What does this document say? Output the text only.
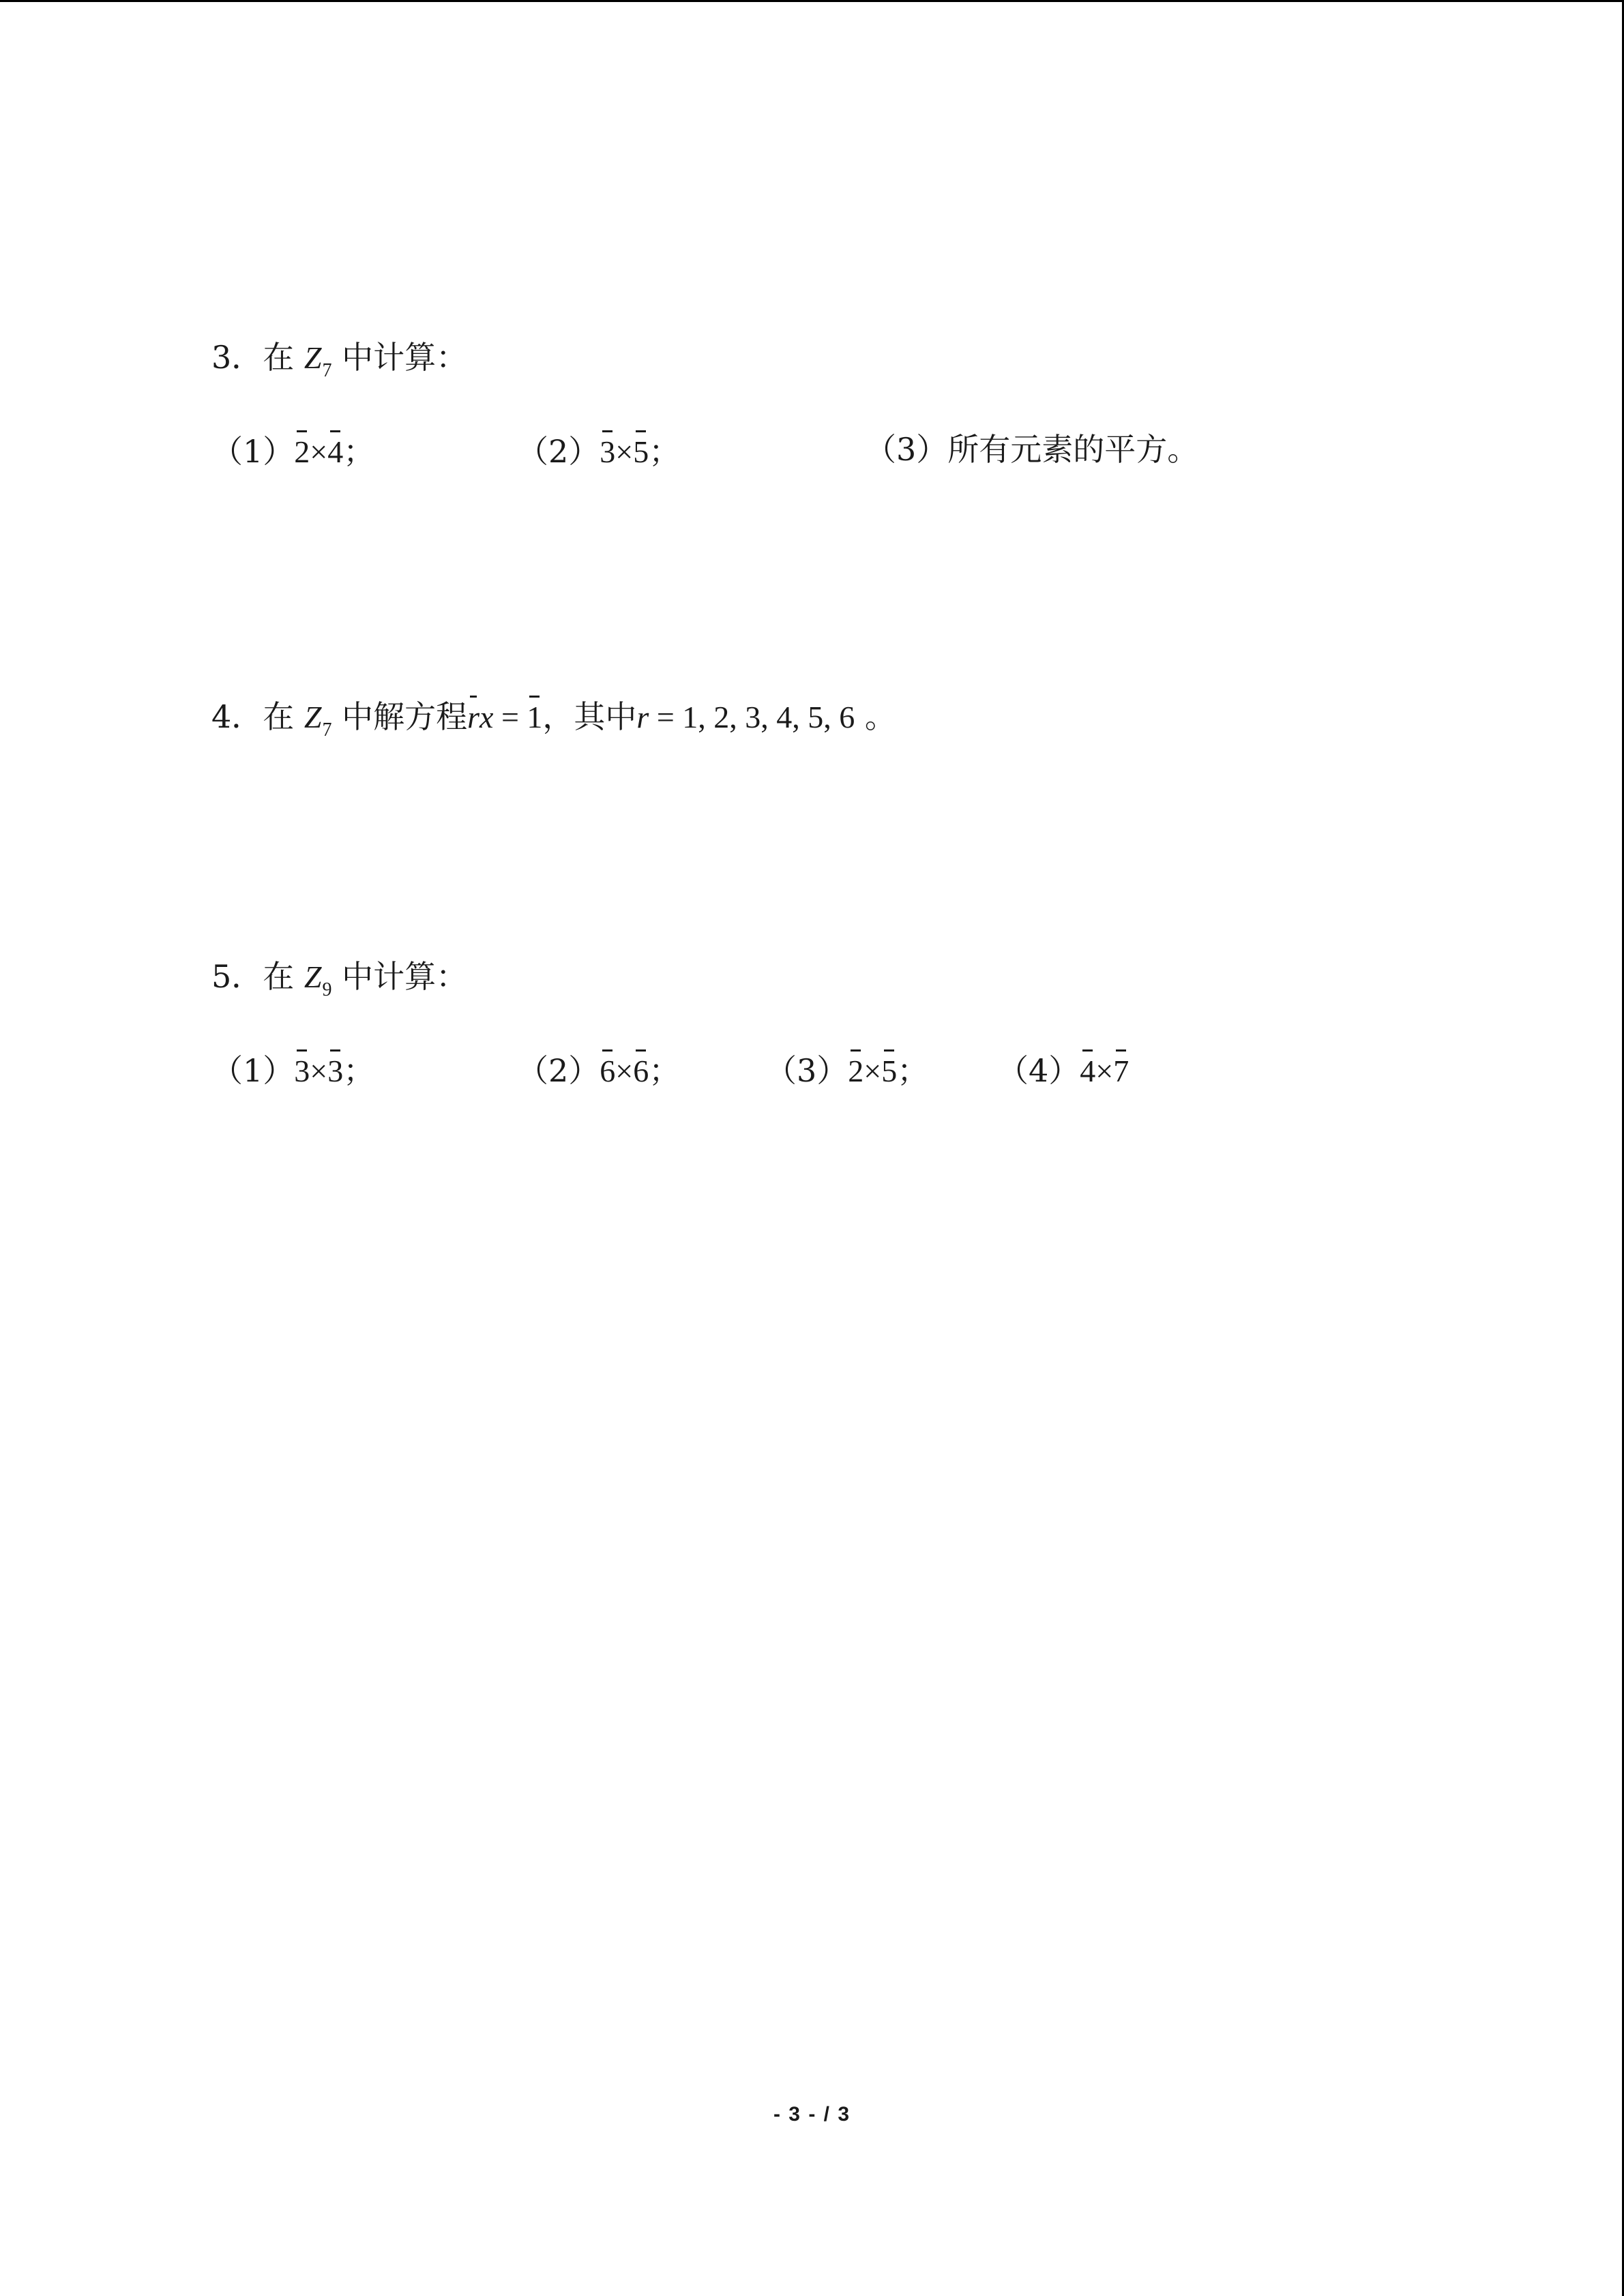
3．在 $Z_7$ 中计算：
（1）2×4；	（2）3×5；	（3）所有元素的平方。
4．在 $Z_7$ 中解方程rx = 1，其中r = 1, 2, 3, 4, 5, 6 。
5．在 $Z_9$ 中计算：
（1）3×3；	（2）6×6；	（3）2×5； （4）4×7
- 3 - / 3
